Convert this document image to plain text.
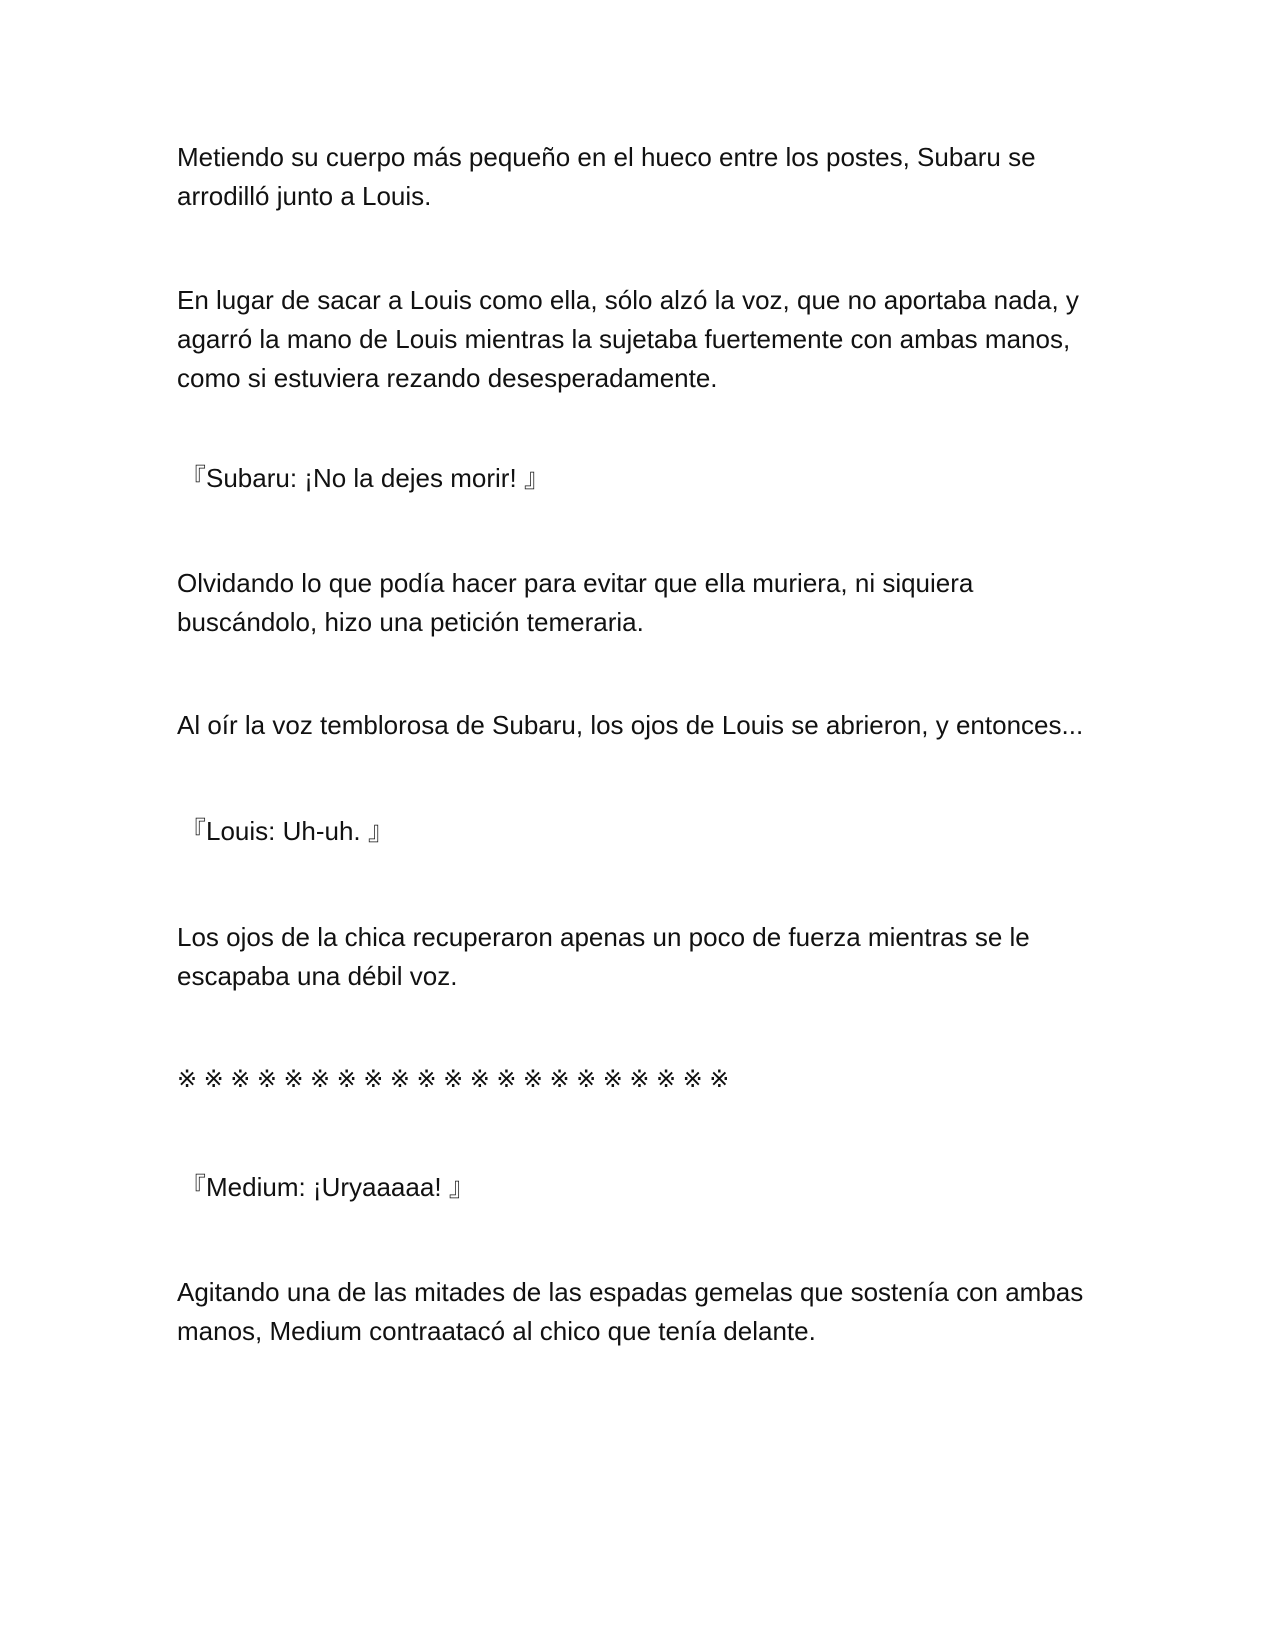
Metiendo su cuerpo más pequeño en el hueco entre los postes, Subaru se arrodilló junto a Louis.

En lugar de sacar a Louis como ella, sólo alzó la voz, que no aportaba nada, y agarró la mano de Louis mientras la sujetaba fuertemente con ambas manos, como si estuviera rezando desesperadamente.

『Subaru: ¡No la dejes morir! 』

Olvidando lo que podía hacer para evitar que ella muriera, ni siquiera buscándolo, hizo una petición temeraria.

Al oír la voz temblorosa de Subaru, los ojos de Louis se abrieron, y entonces...

『Louis: Uh-uh. 』

Los ojos de la chica recuperaron apenas un poco de fuerza mientras se le escapaba una débil voz.

※※※※※※※※※※※※※※※※※※※※※

『Medium: ¡Uryaaaaa! 』

Agitando una de las mitades de las espadas gemelas que sostenía con ambas manos, Medium contraatacó al chico que tenía delante.
